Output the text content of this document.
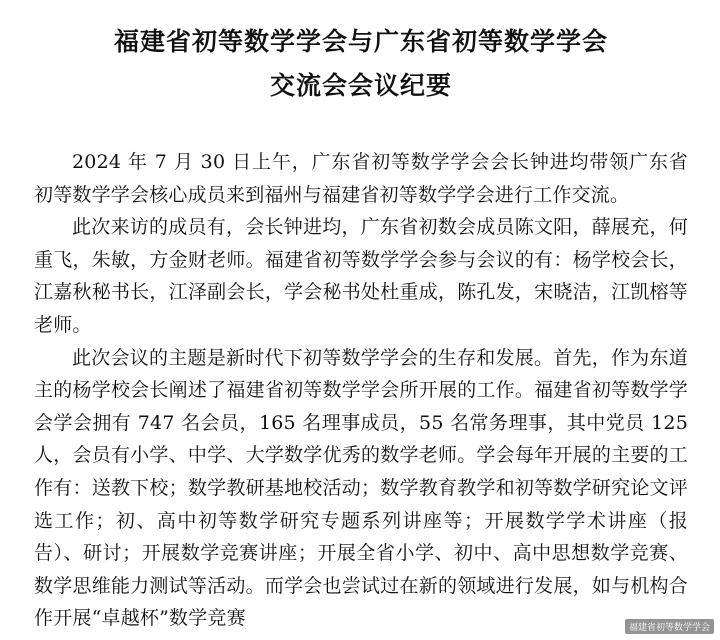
福建省初等数学学会与广东省初等数学学会
交流会会议纪要

2024 年 7 月 30 日上午，广东省初等数学学会会长钟进均带领广东省初等数学学会核心成员来到福州与福建省初等数学学会进行工作交流。

此次来访的成员有，会长钟进均，广东省初数会成员陈文阳，薛展充，何重飞，朱敏，方金财老师。福建省初等数学学会参与会议的有：杨学校会长，江嘉秋秘书长，江泽副会长，学会秘书处杜重成，陈孔发，宋晓洁，江凯榕等老师。

此次会议的主题是新时代下初等数学学会的生存和发展。首先，作为东道主的杨学校会长阐述了福建省初等数学学会所开展的工作。福建省初等数学学会学会拥有 747 名会员，165 名理事成员，55 名常务理事，其中党员 125 人，会员有小学、中学、大学数学优秀的数学老师。学会每年开展的主要的工作有：送教下校；数学教研基地校活动；数学教育教学和初等数学研究论文评选工作；初、高中初等数学研究专题系列讲座等；开展数学学术讲座（报告）、研讨；开展数学竞赛讲座；开展全省小学、初中、高中思想数学竞赛、数学思维能力测试等活动。而学会也尝试过在新的领域进行发展，如与机构合作开展“卓越杯”数学竞赛	福建省初等数学学会
